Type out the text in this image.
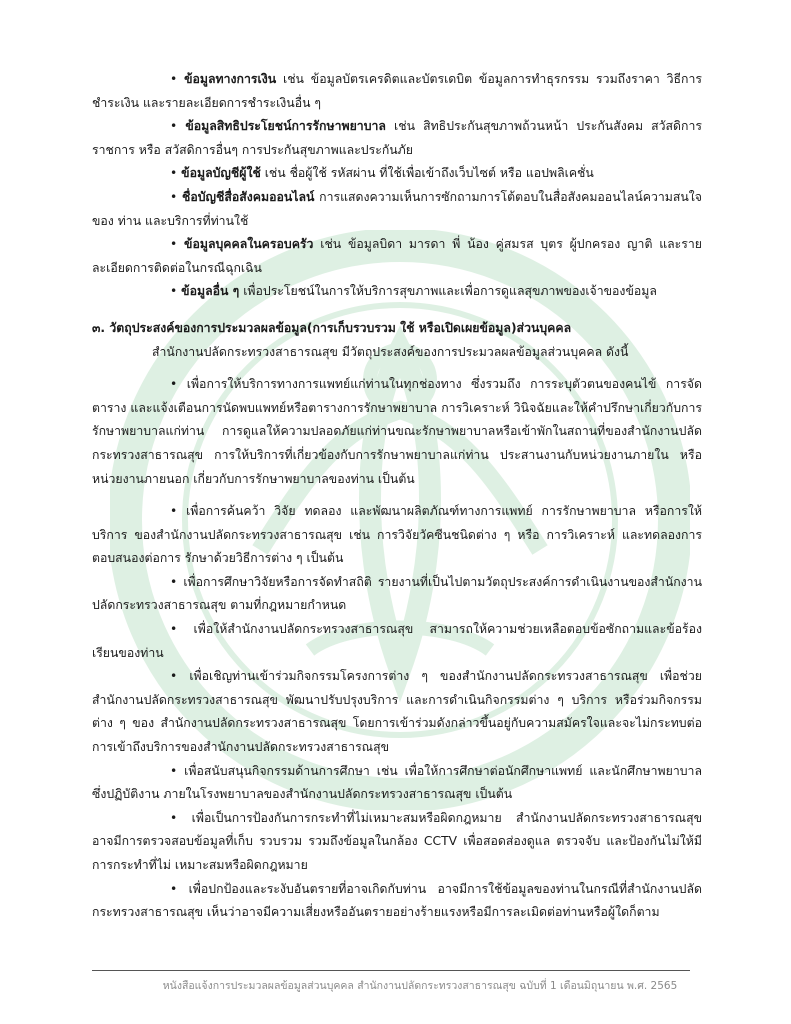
• ข้อมูลทางการเงิน เช่น ข้อมูลบัตรเครดิตและบัตรเดบิต ข้อมูลการทำธุรกรรม รวมถึงราคา วิธีการชำระเงิน และรายละเอียดการชำระเงินอื่น ๆ

• ข้อมูลสิทธิประโยชน์การรักษาพยาบาล เช่น สิทธิประกันสุขภาพถ้วนหน้า ประกันสังคม สวัสดิการราชการ หรือ สวัสดิการอื่นๆ การประกันสุขภาพและประกันภัย

• ข้อมูลบัญชีผู้ใช้ เช่น ชื่อผู้ใช้ รหัสผ่าน ที่ใช้เพื่อเข้าถึงเว็บไซต์ หรือ แอปพลิเคชั่น

• ชื่อบัญชีสื่อสังคมออนไลน์ การแสดงความเห็นการซักถามการโต้ตอบในสื่อสังคมออนไลน์ความสนใจของ ท่าน และบริการที่ท่านใช้

• ข้อมูลบุคคลในครอบครัว เช่น ข้อมูลบิดา มารดา พี่ น้อง คู่สมรส บุตร ผู้ปกครอง ญาติ และรายละเอียดการติดต่อในกรณีฉุกเฉิน

• ข้อมูลอื่น ๆ เพื่อประโยชน์ในการให้บริการสุขภาพและเพื่อการดูแลสุขภาพของเจ้าของข้อมูล

๓. วัตถุประสงค์ของการประมวลผลข้อมูล(การเก็บรวบรวม ใช้ หรือเปิดเผยข้อมูล)ส่วนบุคคล

สำนักงานปลัดกระทรวงสาธารณสุข มีวัตถุประสงค์ของการประมวลผลข้อมูลส่วนบุคคล ดังนี้

• เพื่อการให้บริการทางการแพทย์แก่ท่านในทุกช่องทาง ซึ่งรวมถึง การระบุตัวตนของคนไข้ การจัดตาราง และแจ้งเตือนการนัดพบแพทย์หรือตารางการรักษาพยาบาล การวิเคราะห์ วินิจฉัยและให้คำปรึกษาเกี่ยวกับการรักษาพยาบาลแก่ท่าน การดูแลให้ความปลอดภัยแก่ท่านขณะรักษาพยาบาลหรือเข้าพักในสถานที่ของสำนักงานปลัดกระทรวงสาธารณสุข การให้บริการที่เกี่ยวข้องกับการรักษาพยาบาลแก่ท่าน ประสานงานกับหน่วยงานภายใน หรือหน่วยงานภายนอก เกี่ยวกับการรักษาพยาบาลของท่าน เป็นต้น

• เพื่อการค้นคว้า วิจัย ทดลอง และพัฒนาผลิตภัณฑ์ทางการแพทย์ การรักษาพยาบาล หรือการให้บริการ ของสำนักงานปลัดกระทรวงสาธารณสุข เช่น การวิจัยวัคซีนชนิดต่าง ๆ หรือ การวิเคราะห์ และทดลองการตอบสนองต่อการ รักษาด้วยวิธีการต่าง ๆ เป็นต้น

• เพื่อการศึกษาวิจัยหรือการจัดทำสถิติ รายงานที่เป็นไปตามวัตถุประสงค์การดำเนินงานของสำนักงานปลัดกระทรวงสาธารณสุข ตามที่กฎหมายกำหนด

• เพื่อให้สำนักงานปลัดกระทรวงสาธารณสุข สามารถให้ความช่วยเหลือตอบข้อซักถามและข้อร้องเรียนของท่าน

• เพื่อเชิญท่านเข้าร่วมกิจกรรมโครงการต่าง ๆ ของสำนักงานปลัดกระทรวงสาธารณสุข เพื่อช่วยสำนักงานปลัดกระทรวงสาธารณสุข พัฒนาปรับปรุงบริการ และการดำเนินกิจกรรมต่าง ๆ บริการ หรือร่วมกิจกรรมต่าง ๆ ของ สำนักงานปลัดกระทรวงสาธารณสุข โดยการเข้าร่วมดังกล่าวขึ้นอยู่กับความสมัครใจและจะไม่กระทบต่อการเข้าถึงบริการของสำนักงานปลัดกระทรวงสาธารณสุข

• เพื่อสนับสนุนกิจกรรมด้านการศึกษา เช่น เพื่อให้การศึกษาต่อนักศึกษาแพทย์ และนักศึกษาพยาบาล ซึ่งปฏิบัติงาน ภายในโรงพยาบาลของสำนักงานปลัดกระทรวงสาธารณสุข เป็นต้น

• เพื่อเป็นการป้องกันการกระทำที่ไม่เหมาะสมหรือผิดกฎหมาย สำนักงานปลัดกระทรวงสาธารณสุขอาจมีการตรวจสอบข้อมูลที่เก็บ รวบรวม รวมถึงข้อมูลในกล้อง CCTV เพื่อสอดส่องดูแล ตรวจจับ และป้องกันไม่ให้มีการกระทำที่ไม่ เหมาะสมหรือผิดกฎหมาย

• เพื่อปกป้องและระงับอันตรายที่อาจเกิดกับท่าน อาจมีการใช้ข้อมูลของท่านในกรณีที่สำนักงานปลัดกระทรวงสาธารณสุข เห็นว่าอาจมีความเสี่ยงหรืออันตรายอย่างร้ายแรงหรือมีการละเมิดต่อท่านหรือผู้ใดก็ตาม

หนังสือแจ้งการประมวลผลข้อมูลส่วนบุคคล สำนักงานปลัดกระทรวงสาธารณสุข ฉบับที่ 1 เดือนมิถุนายน พ.ศ. 2565
